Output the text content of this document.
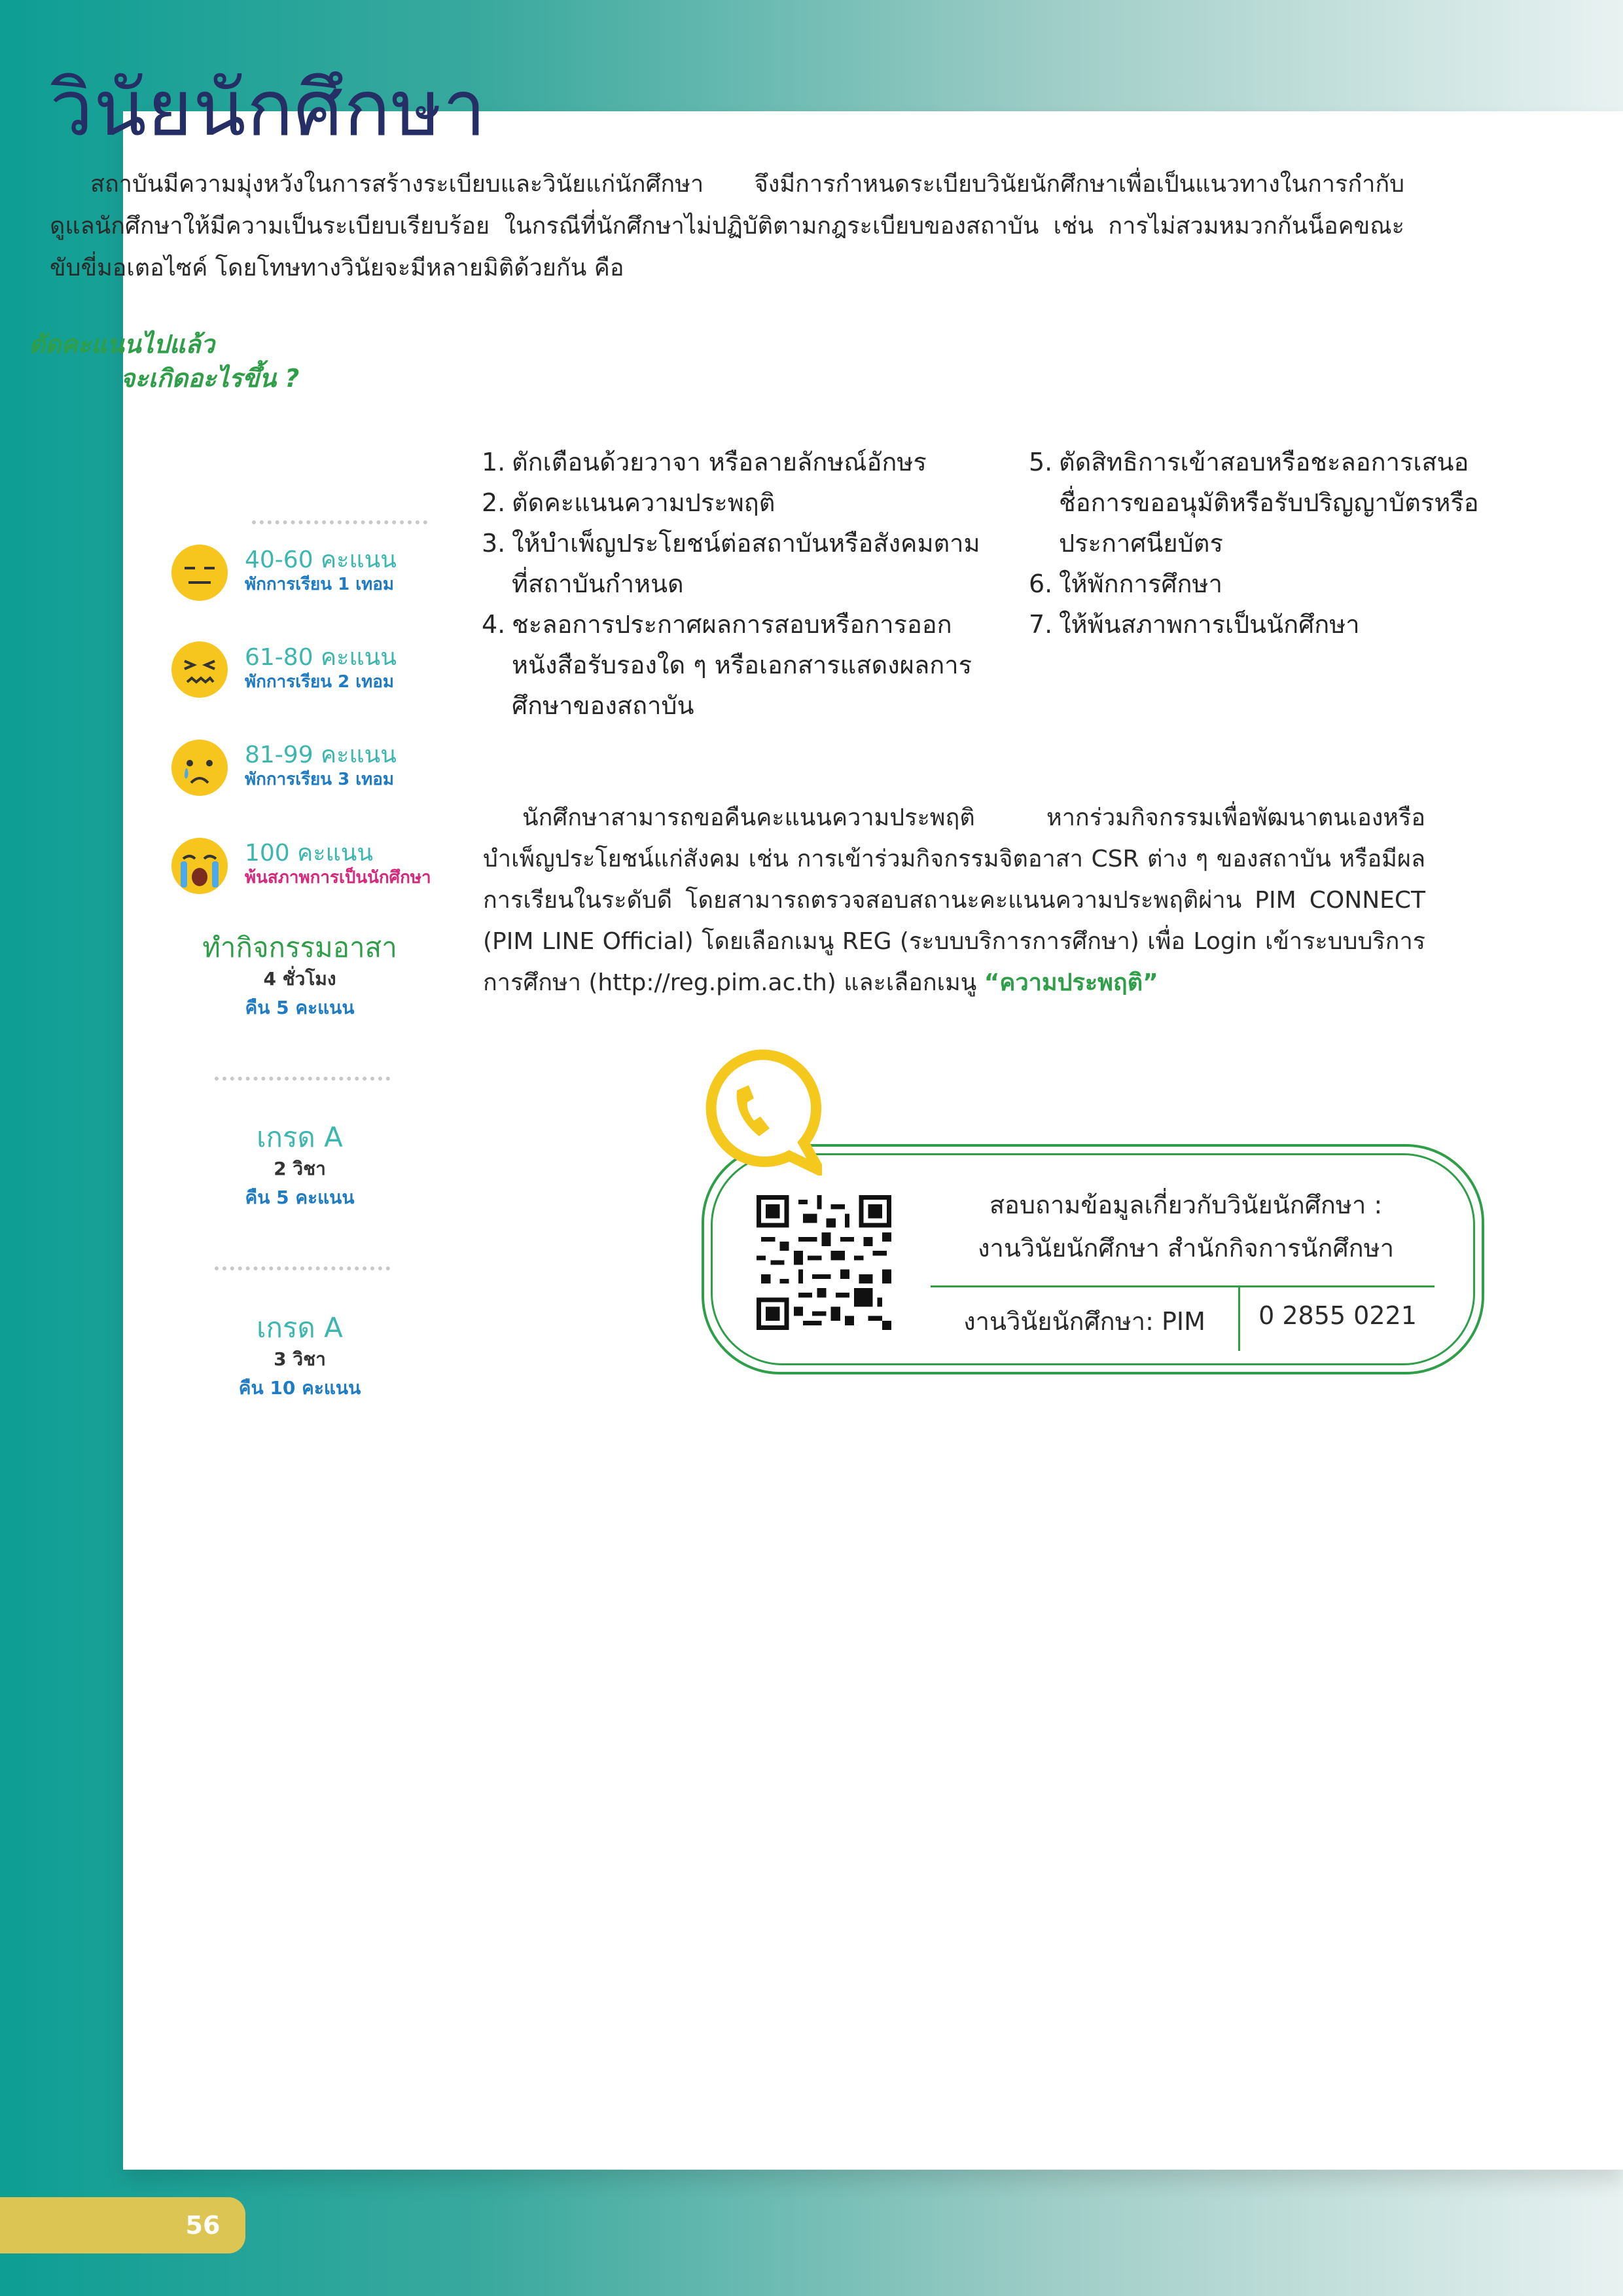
วินัยนักศึกษา

สถาบันมีความมุ่งหวังในการสร้างระเบียบและวินัยแก่นักศึกษา จึงมีการกำหนดระเบียบวินัยนักศึกษาเพื่อเป็นแนวทางในการกำกับดูแลนักศึกษาให้มีความเป็นระเบียบเรียบร้อย ในกรณีที่นักศึกษาไม่ปฏิบัติตามกฎระเบียบของสถาบัน เช่น การไม่สวมหมวกกันน็อคขณะขับขี่มอเตอไซค์ โดยโทษทางวินัยจะมีหลายมิติด้วยกัน คือ

ตัดคะแนนไปแล้ว
จะเกิดอะไรขึ้น ?
40-60 คะแนน
พักการเรียน 1 เทอม
61-80 คะแนน
พักการเรียน 2 เทอม
81-99 คะแนน
พักการเรียน 3 เทอม
100 คะแนน
พ้นสภาพการเป็นนักศึกษา
ทำกิจกรรมอาสา
4 ชั่วโมง
คืน 5 คะแนน
เกรด A
2 วิชา
คืน 5 คะแนน
เกรด A
3 วิชา
คืน 10 คะแนน
1. ตักเตือนด้วยวาจา หรือลายลักษณ์อักษร
2. ตัดคะแนนความประพฤติ
3. ให้บำเพ็ญประโยชน์ต่อสถาบันหรือสังคมตามที่สถาบันกำหนด
4. ชะลอการประกาศผลการสอบหรือการออกหนังสือรับรองใด ๆ หรือเอกสารแสดงผลการศึกษาของสถาบัน
5. ตัดสิทธิการเข้าสอบหรือชะลอการเสนอชื่อการขออนุมัติหรือรับปริญญาบัตรหรือประกาศนียบัตร
6. ให้พักการศึกษา
7. ให้พ้นสภาพการเป็นนักศึกษา

นักศึกษาสามารถขอคืนคะแนนความประพฤติ หากร่วมกิจกรรมเพื่อพัฒนาตนเองหรือบำเพ็ญประโยชน์แก่สังคม เช่น การเข้าร่วมกิจกรรมจิตอาสา CSR ต่าง ๆ ของสถาบัน หรือมีผลการเรียนในระดับดี โดยสามารถตรวจสอบสถานะคะแนนความประพฤติผ่าน PIM CONNECT (PIM LINE Official) โดยเลือกเมนู REG (ระบบบริการการศึกษา) เพื่อ Login เข้าระบบบริการการศึกษา (http://reg.pim.ac.th) และเลือกเมนู “ความประพฤติ”

สอบถามข้อมูลเกี่ยวกับวินัยนักศึกษา :
งานวินัยนักศึกษา สำนักกิจการนักศึกษา
งานวินัยนักศึกษา: PIM	0 2855 0221
56
